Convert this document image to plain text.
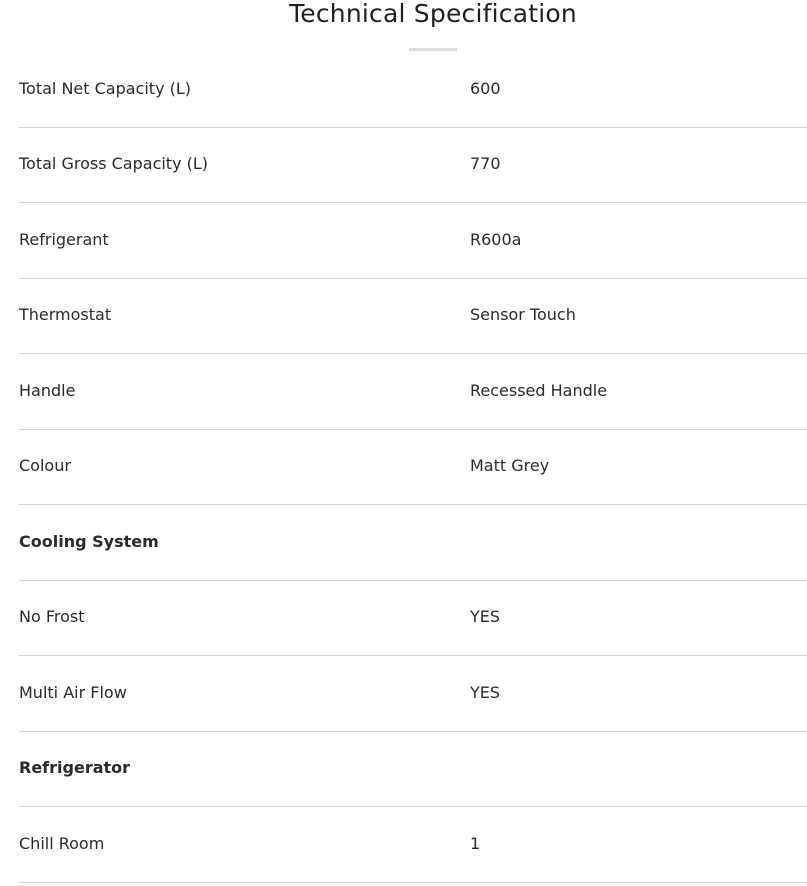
Technical Specification
Total Net Capacity (L)	600
Total Gross Capacity (L)	770
Refrigerant	R600a
Thermostat	Sensor Touch
Handle	Recessed Handle
Colour	Matt Grey
Cooling System
No Frost	YES
Multi Air Flow	YES
Refrigerator
Chill Room	1
